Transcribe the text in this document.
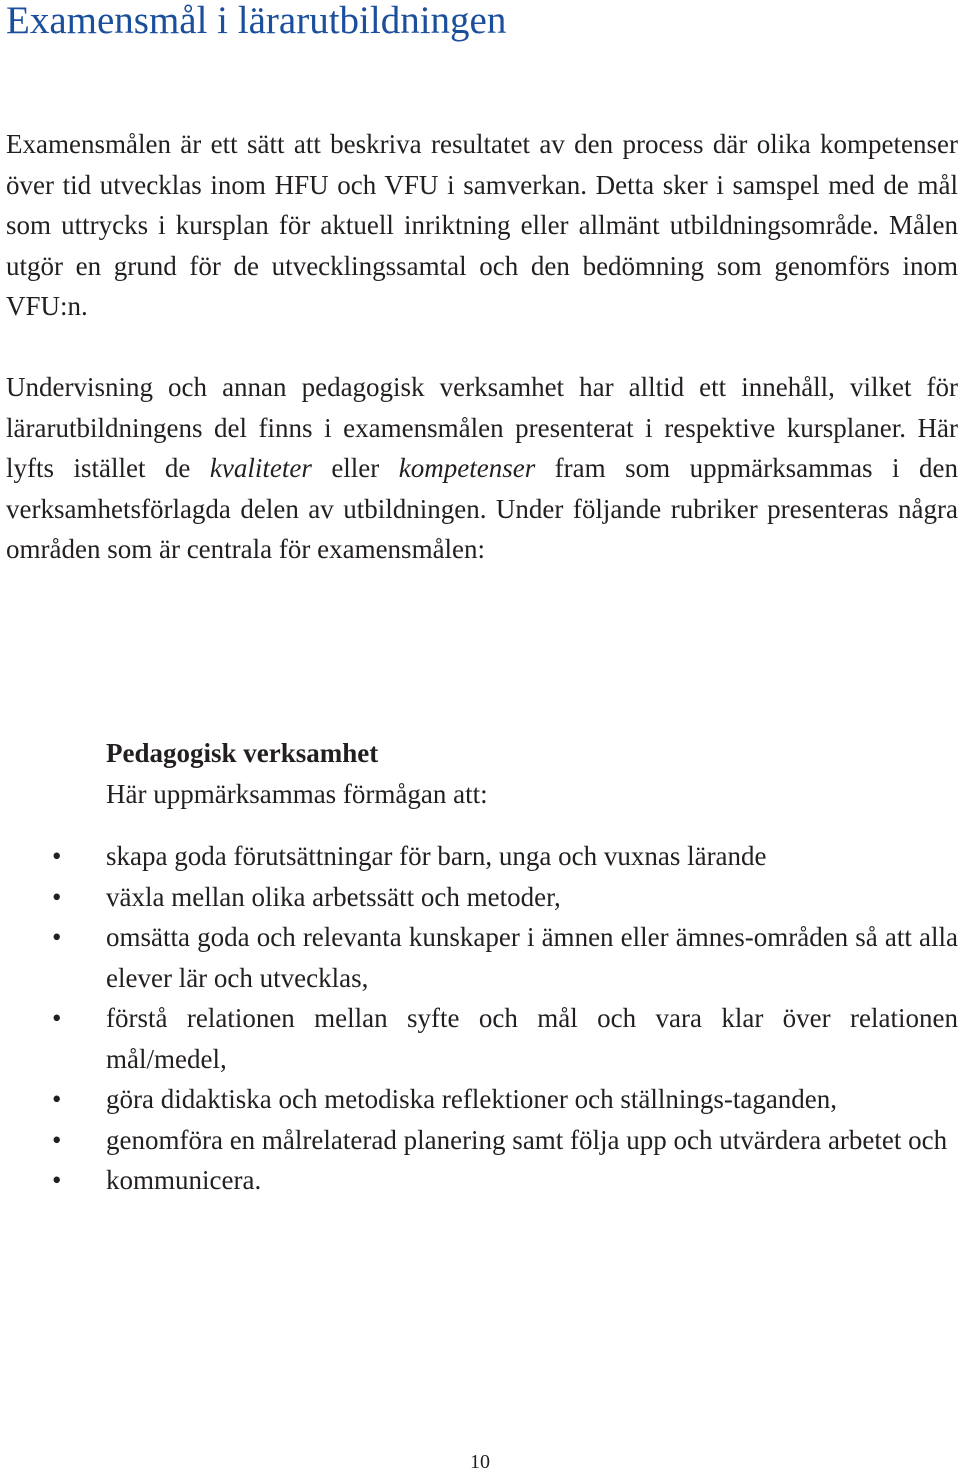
Examensmål i lärarutbildningen

Examensmålen är ett sätt att beskriva resultatet av den process där olika kompetenser över tid utvecklas inom HFU och VFU i samverkan. Detta sker i samspel med de mål som uttrycks i kursplan för aktuell inriktning eller allmänt utbildningsområde. Målen utgör en grund för de utvecklingssamtal och den bedömning som genomförs inom VFU:n.

Undervisning och annan pedagogisk verksamhet har alltid ett innehåll, vilket för lärarutbildningens del finns i examensmålen presenterat i respektive kursplaner. Här lyfts istället de kvaliteter eller kompetenser fram som uppmärksammas i den verksamhetsförlagda delen av utbildningen. Under följande rubriker presenteras några områden som är centrala för examensmålen:

Pedagogisk verksamhet

Här uppmärksammas förmågan att:

• skapa goda förutsättningar för barn, unga och vuxnas lärande
• växla mellan olika arbetssätt och metoder,
• omsätta goda och relevanta kunskaper i ämnen eller ämnes-områden så att alla elever lär och utvecklas,
• förstå relationen mellan syfte och mål och vara klar över relationen mål/medel,
• göra didaktiska och metodiska reflektioner och ställnings-taganden,
• genomföra en målrelaterad planering samt följa upp och utvärdera arbetet och
• kommunicera.
10
